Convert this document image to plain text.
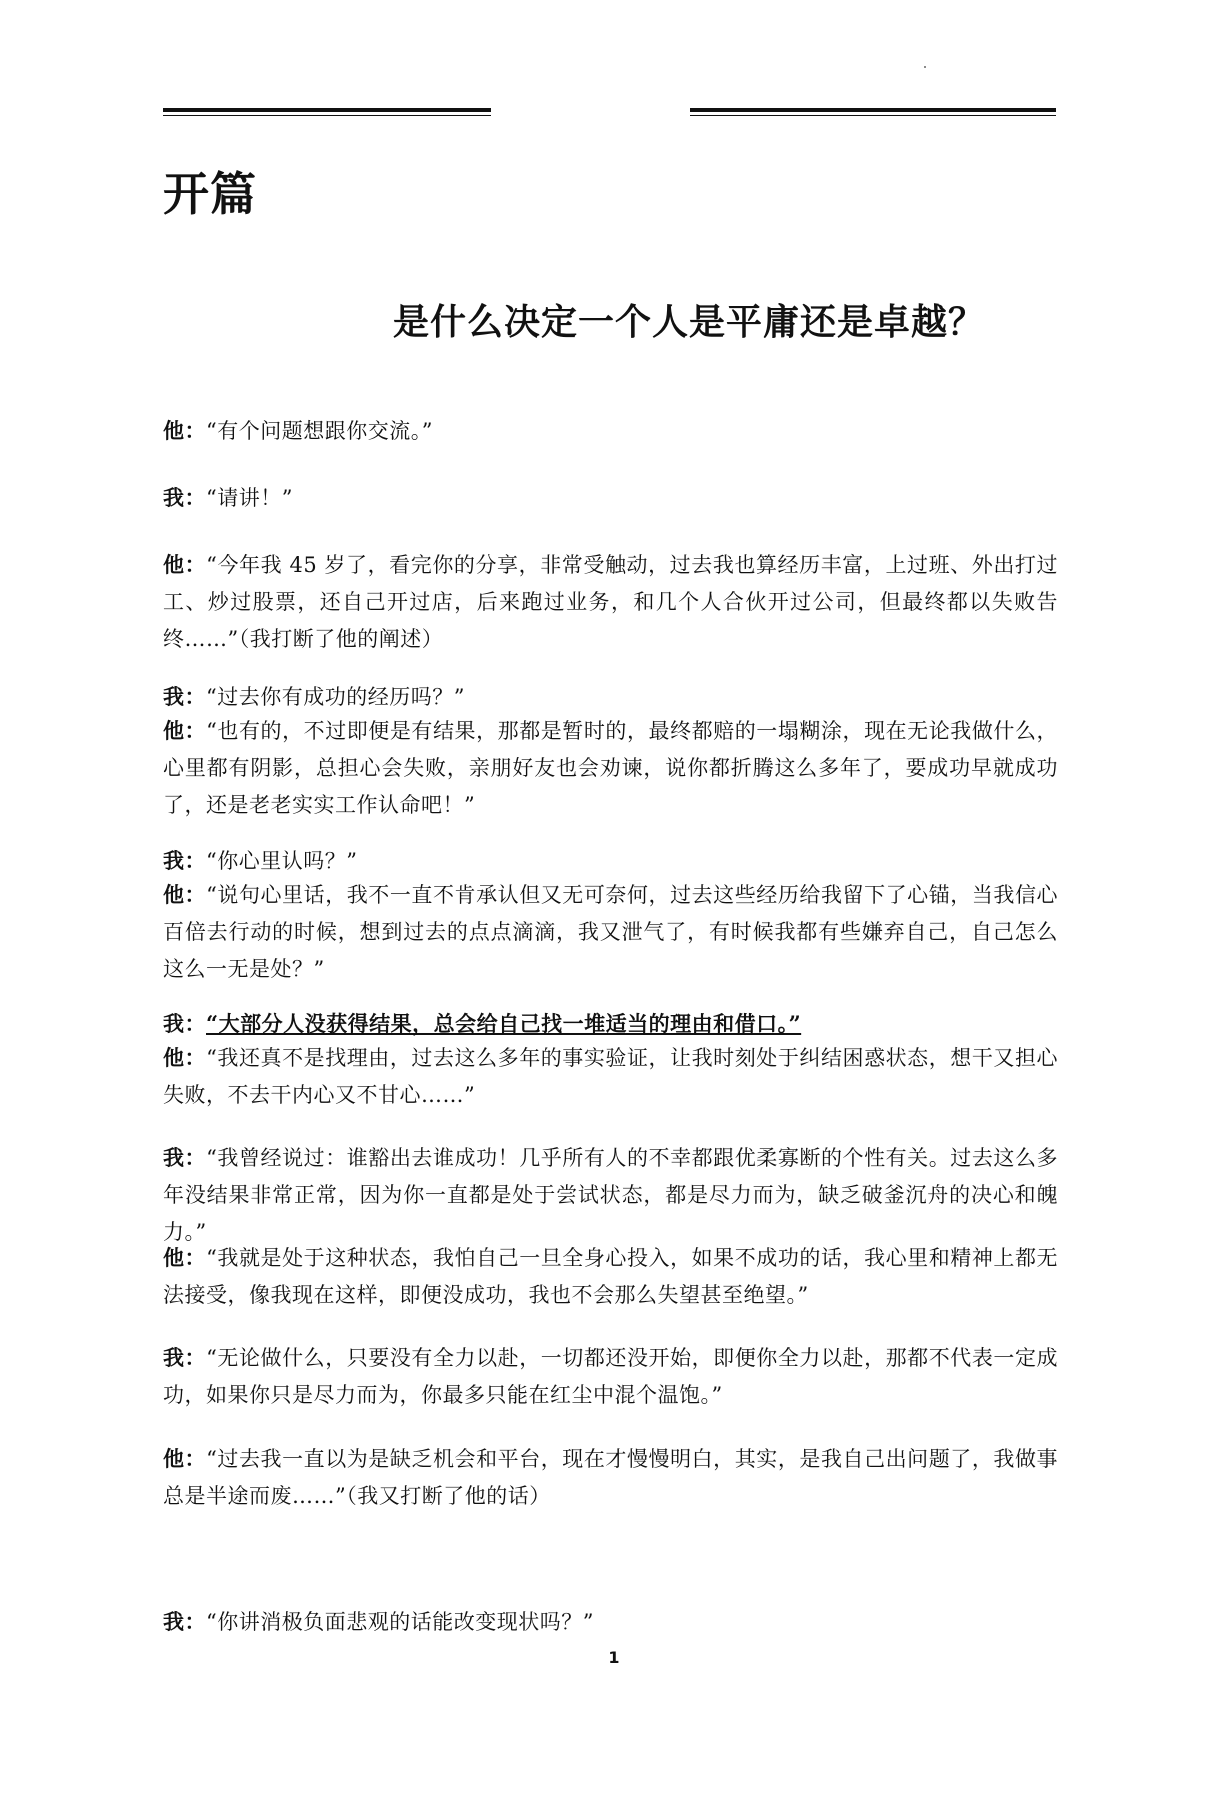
开篇
是什么决定一个人是平庸还是卓越？

他：“有个问题想跟你交流。”

我：“请讲！”

他：“今年我 45 岁了，看完你的分享，非常受触动，过去我也算经历丰富，上过班、外出打过工、炒过股票，还自己开过店，后来跑过业务，和几个人合伙开过公司，但最终都以失败告终……”（我打断了他的阐述）

我：“过去你有成功的经历吗？”

他：“也有的，不过即便是有结果，那都是暂时的，最终都赔的一塌糊涂，现在无论我做什么，心里都有阴影，总担心会失败，亲朋好友也会劝谏，说你都折腾这么多年了，要成功早就成功了，还是老老实实工作认命吧！”

我：“你心里认吗？”

他：“说句心里话，我不一直不肯承认但又无可奈何，过去这些经历给我留下了心锚，当我信心百倍去行动的时候，想到过去的点点滴滴，我又泄气了，有时候我都有些嫌弃自己，自己怎么这么一无是处？”

我：“大部分人没获得结果，总会给自己找一堆适当的理由和借口。”

他：“我还真不是找理由，过去这么多年的事实验证，让我时刻处于纠结困惑状态，想干又担心失败，不去干内心又不甘心……”

我：“我曾经说过：谁豁出去谁成功！几乎所有人的不幸都跟优柔寡断的个性有关。过去这么多年没结果非常正常，因为你一直都是处于尝试状态，都是尽力而为，缺乏破釜沉舟的决心和魄力。”

他：“我就是处于这种状态，我怕自己一旦全身心投入，如果不成功的话，我心里和精神上都无法接受，像我现在这样，即便没成功，我也不会那么失望甚至绝望。”

我：“无论做什么，只要没有全力以赴，一切都还没开始，即便你全力以赴，那都不代表一定成功，如果你只是尽力而为，你最多只能在红尘中混个温饱。”

他：“过去我一直以为是缺乏机会和平台，现在才慢慢明白，其实，是我自己出问题了，我做事总是半途而废……”（我又打断了他的话）

我：“你讲消极负面悲观的话能改变现状吗？”

1
